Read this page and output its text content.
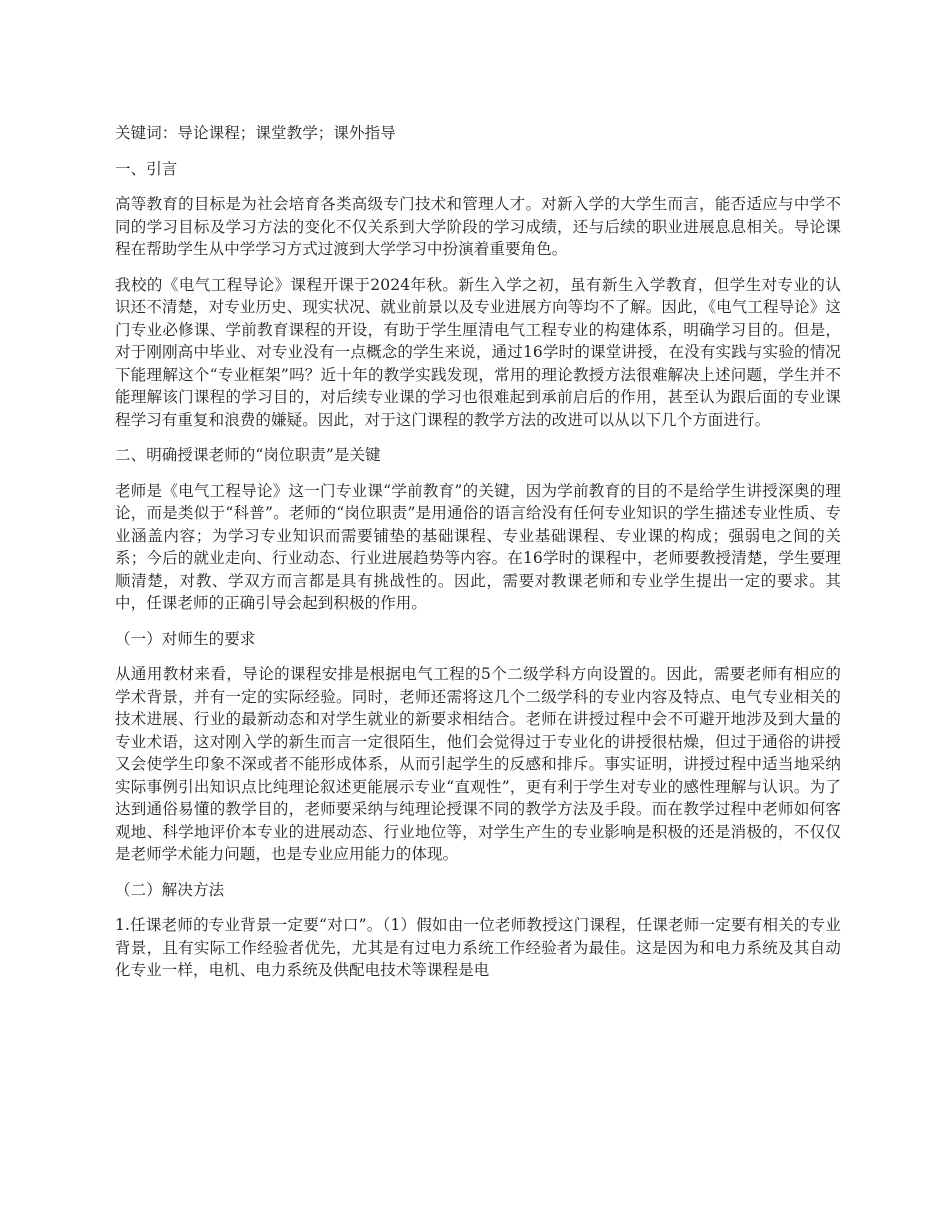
关键词：导论课程；课堂教学；课外指导

一、引言

高等教育的目标是为社会培育各类高级专门技术和管理人才。对新入学的大学生而言，能否适应与中学不同的学习目标及学习方法的变化不仅关系到大学阶段的学习成绩，还与后续的职业进展息息相关。导论课程在帮助学生从中学学习方式过渡到大学学习中扮演着重要角色。

我校的《电气工程导论》课程开课于2024年秋。新生入学之初，虽有新生入学教育，但学生对专业的认识还不清楚，对专业历史、现实状况、就业前景以及专业进展方向等均不了解。因此，《电气工程导论》这门专业必修课、学前教育课程的开设，有助于学生厘清电气工程专业的构建体系，明确学习目的。但是，对于刚刚高中毕业、对专业没有一点概念的学生来说，通过16学时的课堂讲授，在没有实践与实验的情况下能理解这个“专业框架”吗？近十年的教学实践发现，常用的理论教授方法很难解决上述问题，学生并不能理解该门课程的学习目的，对后续专业课的学习也很难起到承前启后的作用，甚至认为跟后面的专业课程学习有重复和浪费的嫌疑。因此，对于这门课程的教学方法的改进可以从以下几个方面进行。

二、明确授课老师的“岗位职责”是关键

老师是《电气工程导论》这一门专业课“学前教育”的关键，因为学前教育的目的不是给学生讲授深奥的理论，而是类似于“科普”。老师的“岗位职责”是用通俗的语言给没有任何专业知识的学生描述专业性质、专业涵盖内容；为学习专业知识而需要铺垫的基础课程、专业基础课程、专业课的构成；强弱电之间的关系；今后的就业走向、行业动态、行业进展趋势等内容。在16学时的课程中，老师要教授清楚，学生要理顺清楚，对教、学双方而言都是具有挑战性的。因此，需要对教课老师和专业学生提出一定的要求。其中，任课老师的正确引导会起到积极的作用。

（一）对师生的要求

从通用教材来看，导论的课程安排是根据电气工程的5个二级学科方向设置的。因此，需要老师有相应的学术背景，并有一定的实际经验。同时，老师还需将这几个二级学科的专业内容及特点、电气专业相关的技术进展、行业的最新动态和对学生就业的新要求相结合。老师在讲授过程中会不可避开地涉及到大量的专业术语，这对刚入学的新生而言一定很陌生，他们会觉得过于专业化的讲授很枯燥，但过于通俗的讲授又会使学生印象不深或者不能形成体系，从而引起学生的反感和排斥。事实证明，讲授过程中适当地采纳实际事例引出知识点比纯理论叙述更能展示专业“直观性”，更有利于学生对专业的感性理解与认识。为了达到通俗易懂的教学目的，老师要采纳与纯理论授课不同的教学方法及手段。而在教学过程中老师如何客观地、科学地评价本专业的进展动态、行业地位等，对学生产生的专业影响是积极的还是消极的，不仅仅是老师学术能力问题，也是专业应用能力的体现。

（二）解决方法

1.任课老师的专业背景一定要“对口”。（1）假如由一位老师教授这门课程，任课老师一定要有相关的专业背景，且有实际工作经验者优先，尤其是有过电力系统工作经验者为最佳。这是因为和电力系统及其自动化专业一样，电机、电力系统及供配电技术等课程是电
